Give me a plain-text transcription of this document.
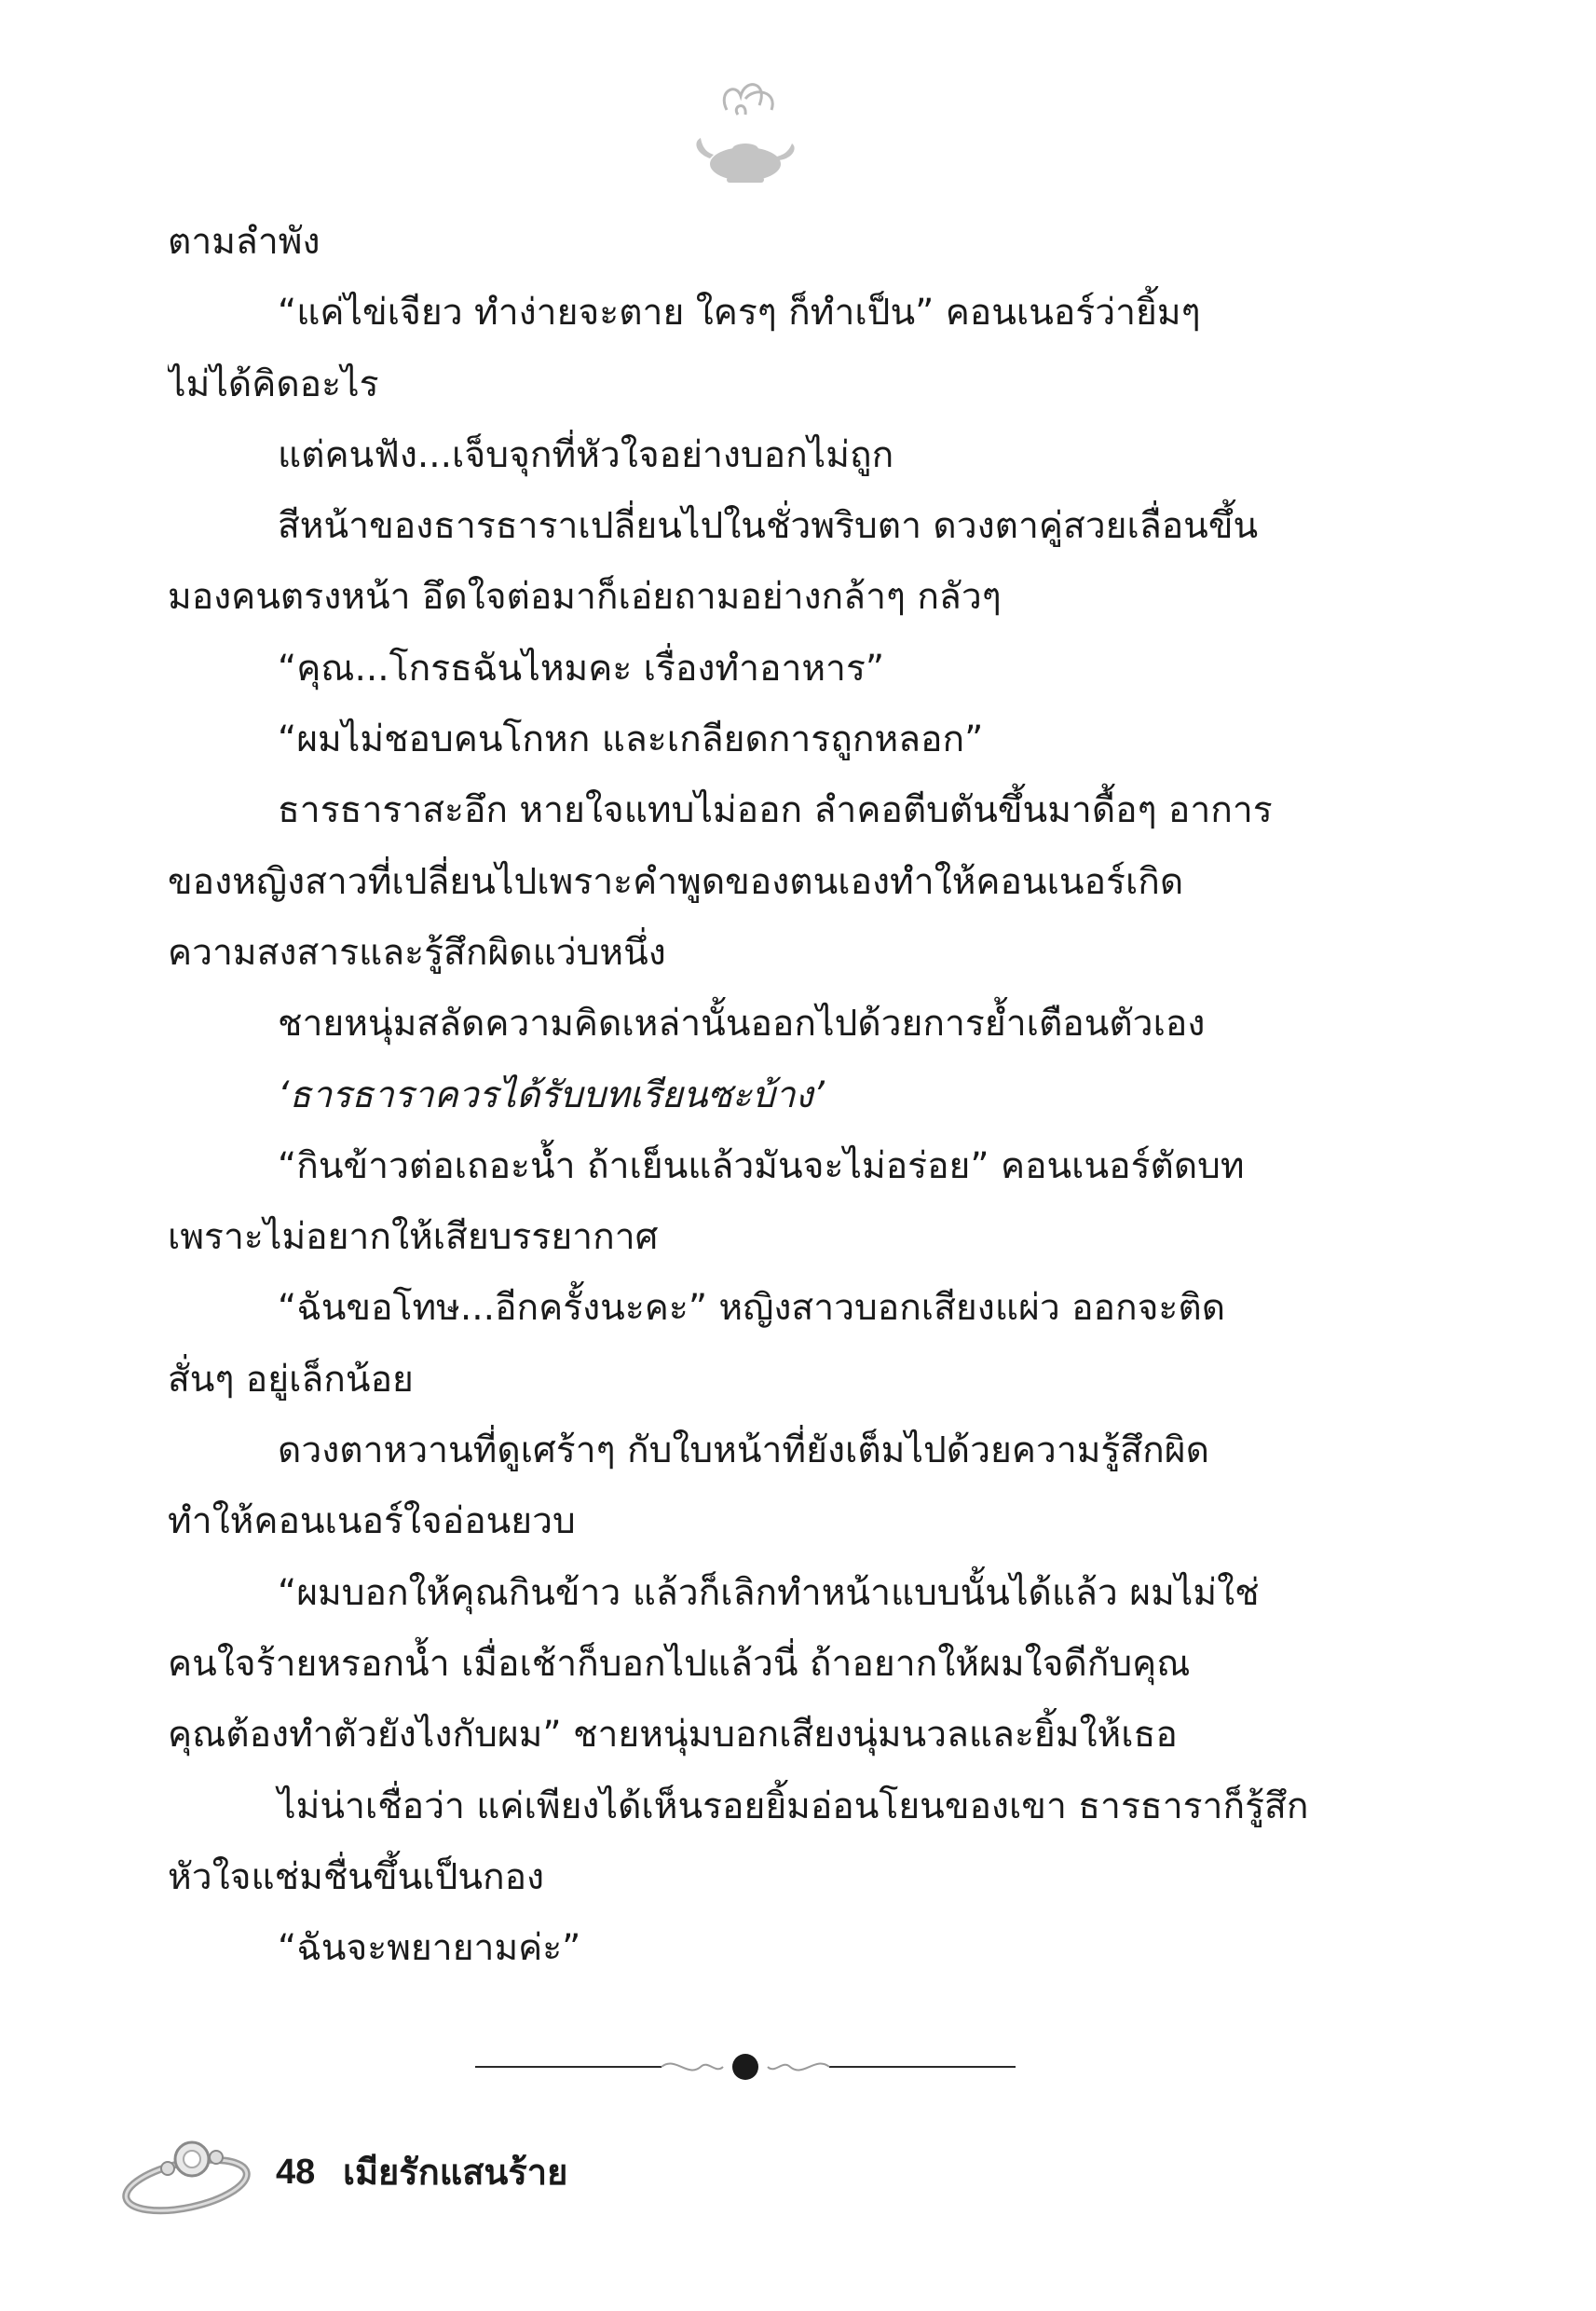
ตามลำพัง
“แค่ไข่เจียว ทำง่ายจะตาย ใครๆ ก็ทำเป็น” คอนเนอร์ว่ายิ้มๆ
ไม่ได้คิดอะไร
แต่คนฟัง...เจ็บจุกที่หัวใจอย่างบอกไม่ถูก
สีหน้าของธารธาราเปลี่ยนไปในชั่วพริบตา ดวงตาคู่สวยเลื่อนขึ้น
มองคนตรงหน้า อึดใจต่อมาก็เอ่ยถามอย่างกล้าๆ กลัวๆ
“คุณ...โกรธฉันไหมคะ เรื่องทำอาหาร”
“ผมไม่ชอบคนโกหก และเกลียดการถูกหลอก”
ธารธาราสะอึก หายใจแทบไม่ออก ลำคอตีบตันขึ้นมาดื้อๆ อาการ
ของหญิงสาวที่เปลี่ยนไปเพราะคำพูดของตนเองทำให้คอนเนอร์เกิด
ความสงสารและรู้สึกผิดแว่บหนึ่ง
ชายหนุ่มสลัดความคิดเหล่านั้นออกไปด้วยการย้ำเตือนตัวเอง
‘ธารธาราควรได้รับบทเรียนซะบ้าง’
“กินข้าวต่อเถอะน้ำ ถ้าเย็นแล้วมันจะไม่อร่อย” คอนเนอร์ตัดบท
เพราะไม่อยากให้เสียบรรยากาศ
“ฉันขอโทษ...อีกครั้งนะคะ” หญิงสาวบอกเสียงแผ่ว ออกจะติด
สั่นๆ อยู่เล็กน้อย
ดวงตาหวานที่ดูเศร้าๆ กับใบหน้าที่ยังเต็มไปด้วยความรู้สึกผิด
ทำให้คอนเนอร์ใจอ่อนยวบ
“ผมบอกให้คุณกินข้าว แล้วก็เลิกทำหน้าแบบนั้นได้แล้ว ผมไม่ใช่
คนใจร้ายหรอกน้ำ เมื่อเช้าก็บอกไปแล้วนี่ ถ้าอยากให้ผมใจดีกับคุณ
คุณต้องทำตัวยังไงกับผม” ชายหนุ่มบอกเสียงนุ่มนวลและยิ้มให้เธอ
ไม่น่าเชื่อว่า แค่เพียงได้เห็นรอยยิ้มอ่อนโยนของเขา ธารธาราก็รู้สึก
หัวใจแช่มชื่นขึ้นเป็นกอง
“ฉันจะพยายามค่ะ”
48 เมียรักแสนร้าย
